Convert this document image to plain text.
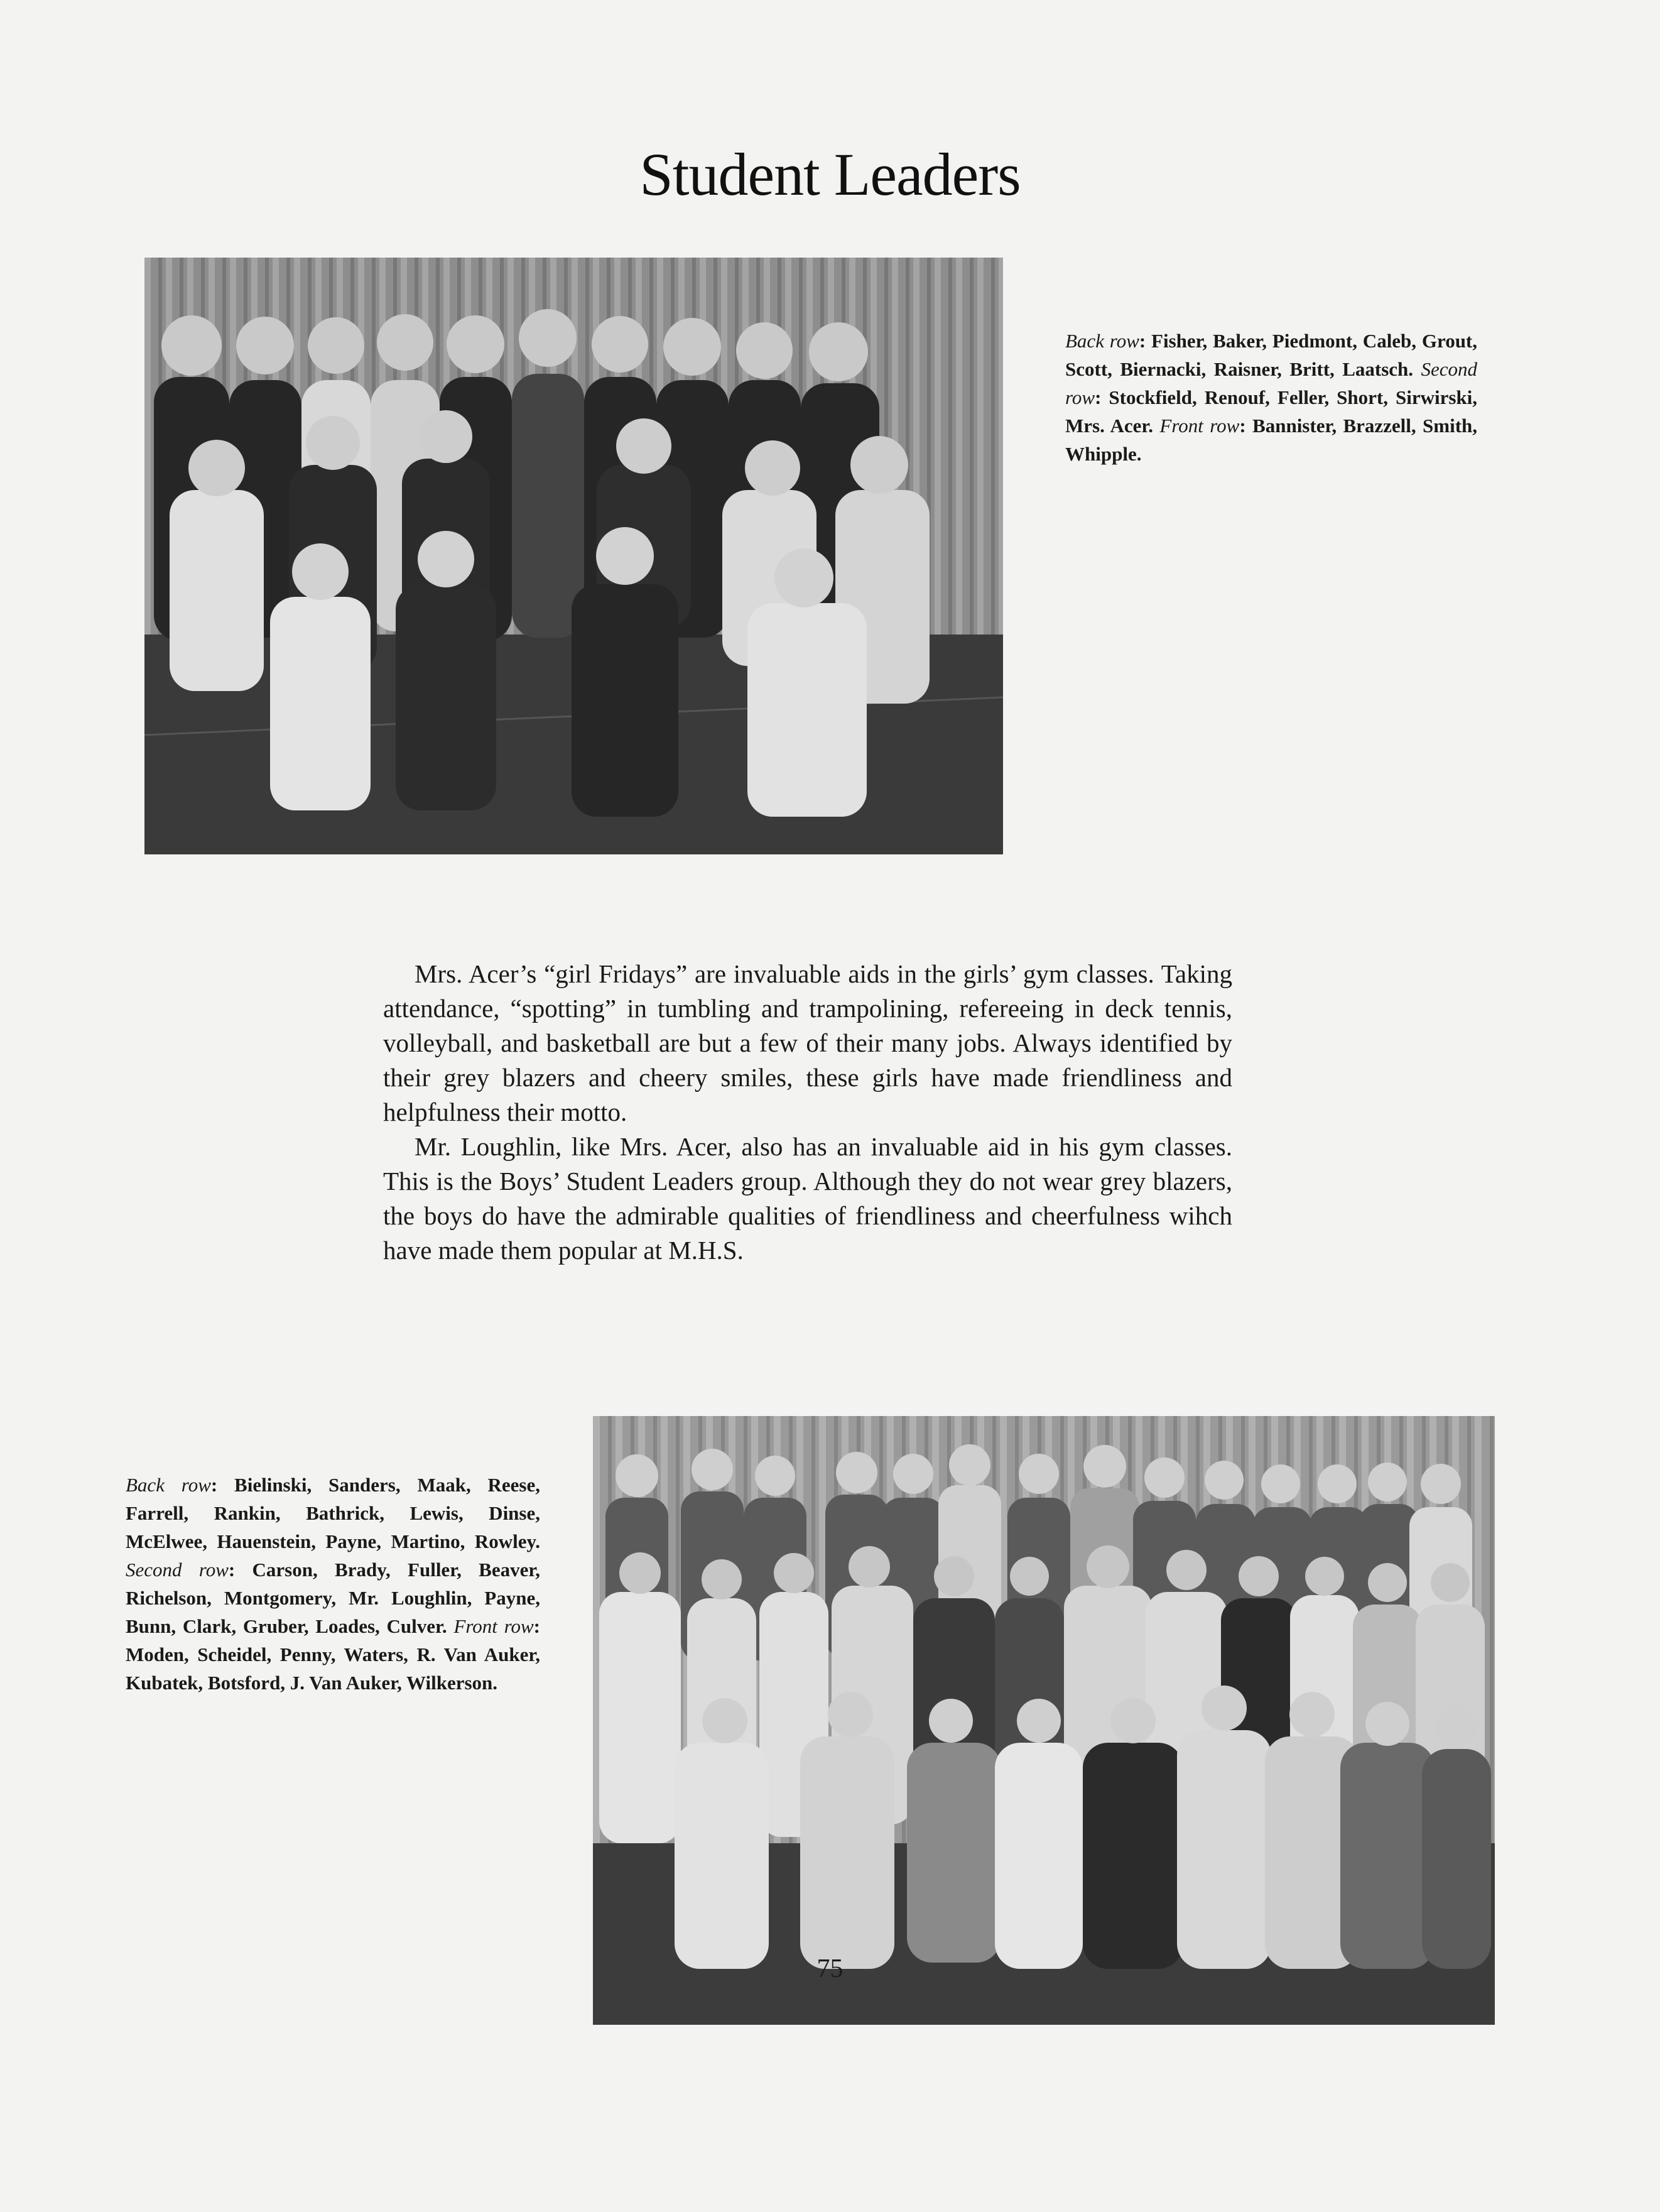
Student Leaders

Back row: Fisher, Baker, Piedmont, Caleb, Grout, Scott, Biernacki, Raisner, Britt, Laatsch. Second row: Stockfield, Renouf, Feller, Short, Sirwirski, Mrs. Acer. Front row: Bannister, Brazzell, Smith, Whipple.

Mrs. Acer’s “girl Fridays” are invaluable aids in the girls’ gym classes. Taking attendance, “spotting” in tumbling and trampolining, refereeing in deck tennis, volleyball, and basketball are but a few of their many jobs. Always identified by their grey blazers and cheery smiles, these girls have made friendliness and helpfulness their motto.

Mr. Loughlin, like Mrs. Acer, also has an invaluable aid in his gym classes. This is the Boys’ Student Leaders group. Although they do not wear grey blazers, the boys do have the admirable qualities of friendliness and cheerfulness wihch have made them popular at M.H.S.

Back row: Bielinski, Sanders, Maak, Reese, Farrell, Rankin, Bathrick, Lewis, Dinse, McElwee, Hauenstein, Payne, Martino, Rowley. Second row: Carson, Brady, Fuller, Beaver, Richelson, Montgomery, Mr. Loughlin, Payne, Bunn, Clark, Gruber, Loades, Culver. Front row: Moden, Scheidel, Penny, Waters, R. Van Auker, Kubatek, Botsford, J. Van Auker, Wilkerson.

75
